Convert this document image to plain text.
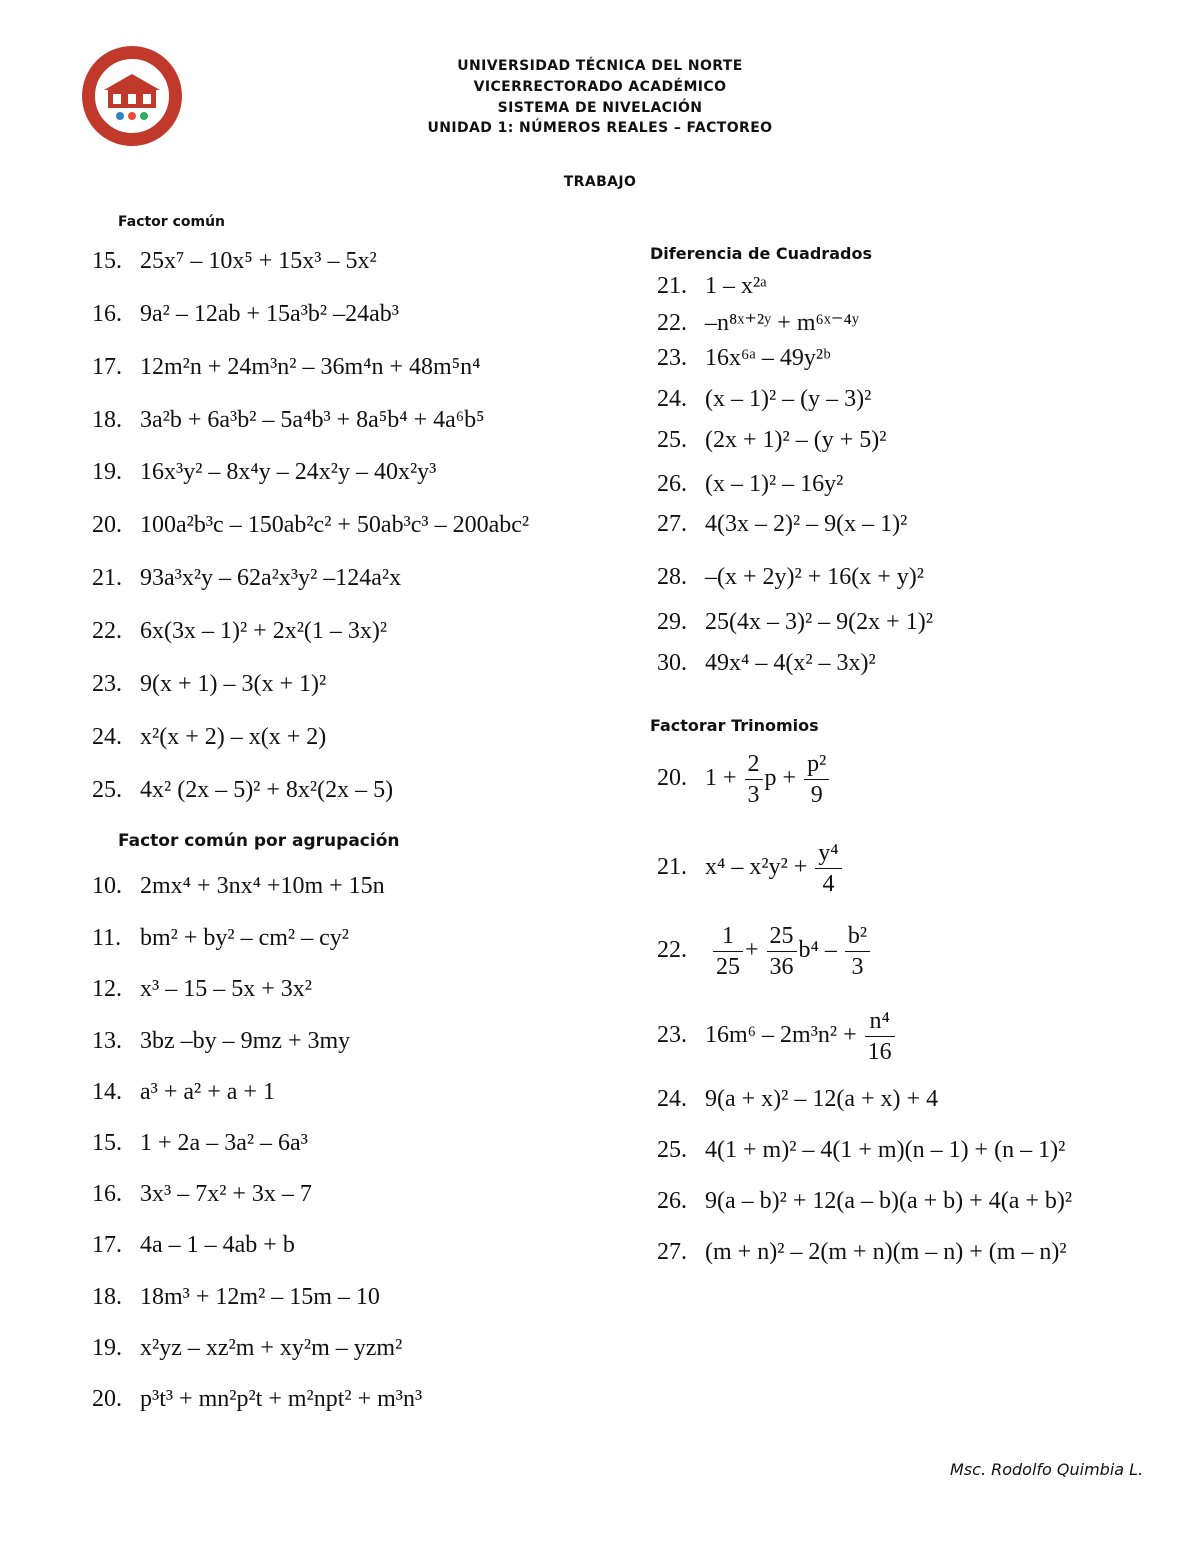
UNIVERSIDAD TÉCNICA DEL NORTE
VICERRECTORADO ACADÉMICO
SISTEMA DE NIVELACIÓN
UNIDAD 1: NÚMEROS REALES – FACTOREO
TRABAJO
Factor común
15. 25x⁷ – 10x⁵ + 15x³ – 5x²
16. 9a² – 12ab + 15a³b² –24ab³
17. 12m²n + 24m³n² – 36m⁴n + 48m⁵n⁴
18. 3a²b + 6a³b² – 5a⁴b³ + 8a⁵b⁴ + 4a⁶b⁵
19. 16x³y² – 8x⁴y – 24x²y – 40x²y³
20. 100a²b³c – 150ab²c² + 50ab³c³ – 200abc²
21. 93a³x²y – 62a²x³y² –124a²x
22. 6x(3x – 1)² + 2x²(1 – 3x)²
23. 9(x + 1) – 3(x + 1)²
24. x²(x + 2) – x(x + 2)
25. 4x² (2x – 5)² + 8x²(2x – 5)
Factor común por agrupación
10. 2mx⁴ + 3nx⁴ +10m + 15n
11. bm² + by² – cm² – cy²
12. x³ – 15 – 5x + 3x²
13. 3bz –by – 9mz + 3my
14. a³ + a² + a + 1
15. 1 + 2a – 3a² – 6a³
16. 3x³ – 7x² + 3x – 7
17. 4a – 1 – 4ab + b
18. 18m³ + 12m² – 15m – 10
19. x²yz – xz²m + xy²m – yzm²
20. p³t³ + mn²p²t + m²npt² + m³n³
Diferencia de Cuadrados
21. 1 – x²ᵃ
22. –n⁸ˣ⁺²ʸ + m⁶ˣ⁻⁴ʸ
23. 16x⁶ᵃ – 49y²ᵇ
24. (x – 1)² – (y – 3)²
25. (2x + 1)² – (y + 5)²
26. (x – 1)² – 16y²
27. 4(3x – 2)² – 9(x – 1)²
28. –(x + 2y)² + 16(x + y)²
29. 25(4x – 3)² – 9(2x + 1)²
30. 49x⁴ – 4(x² – 3x)²
Factorar Trinomios
20. $1 + \frac{2}{3}$ $p + \frac{\text{p²}}{9}$
21. $x^4 - x^2y^2 + \frac{\text{y⁴}}{4}$
22. $\frac{1}{25} + \frac{25}{36} b^4 - \frac{\text{b²}}{3}$
23. $16m^6 - 2m^3n^2 + \frac{\text{n⁴}}{16}$
24. 9(a + x)² – 12(a + x) + 4
25. 4(1 + m)² – 4(1 + m)(n – 1) + (n – 1)²
26. 9(a – b)² + 12(a – b)(a + b) + 4(a + b)²
27. (m + n)² – 2(m + n)(m – n) + (m – n)²
Msc. Rodolfo Quimbia L.
